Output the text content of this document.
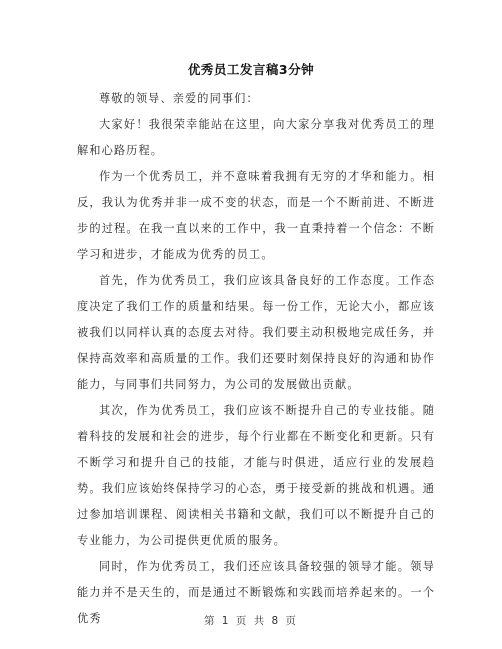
优秀员工发言稿3分钟

尊敬的领导、亲爱的同事们：

大家好！我很荣幸能站在这里，向大家分享我对优秀员工的理解和心路历程。

作为一个优秀员工，并不意味着我拥有无穷的才华和能力。相反，我认为优秀并非一成不变的状态，而是一个不断前进、不断进步的过程。在我一直以来的工作中，我一直秉持着一个信念：不断学习和进步，才能成为优秀的员工。

首先，作为优秀员工，我们应该具备良好的工作态度。工作态度决定了我们工作的质量和结果。每一份工作，无论大小，都应该被我们以同样认真的态度去对待。我们要主动积极地完成任务，并保持高效率和高质量的工作。我们还要时刻保持良好的沟通和协作能力，与同事们共同努力，为公司的发展做出贡献。

其次，作为优秀员工，我们应该不断提升自己的专业技能。随着科技的发展和社会的进步，每个行业都在不断变化和更新。只有不断学习和提升自己的技能，才能与时俱进，适应行业的发展趋势。我们应该始终保持学习的心态，勇于接受新的挑战和机遇。通过参加培训课程、阅读相关书籍和文献，我们可以不断提升自己的专业能力，为公司提供更优质的服务。

同时，作为优秀员工，我们还应该具备较强的领导才能。领导能力并不是天生的，而是通过不断锻炼和实践而培养起来的。一个优秀	第 1 页 共 8 页
